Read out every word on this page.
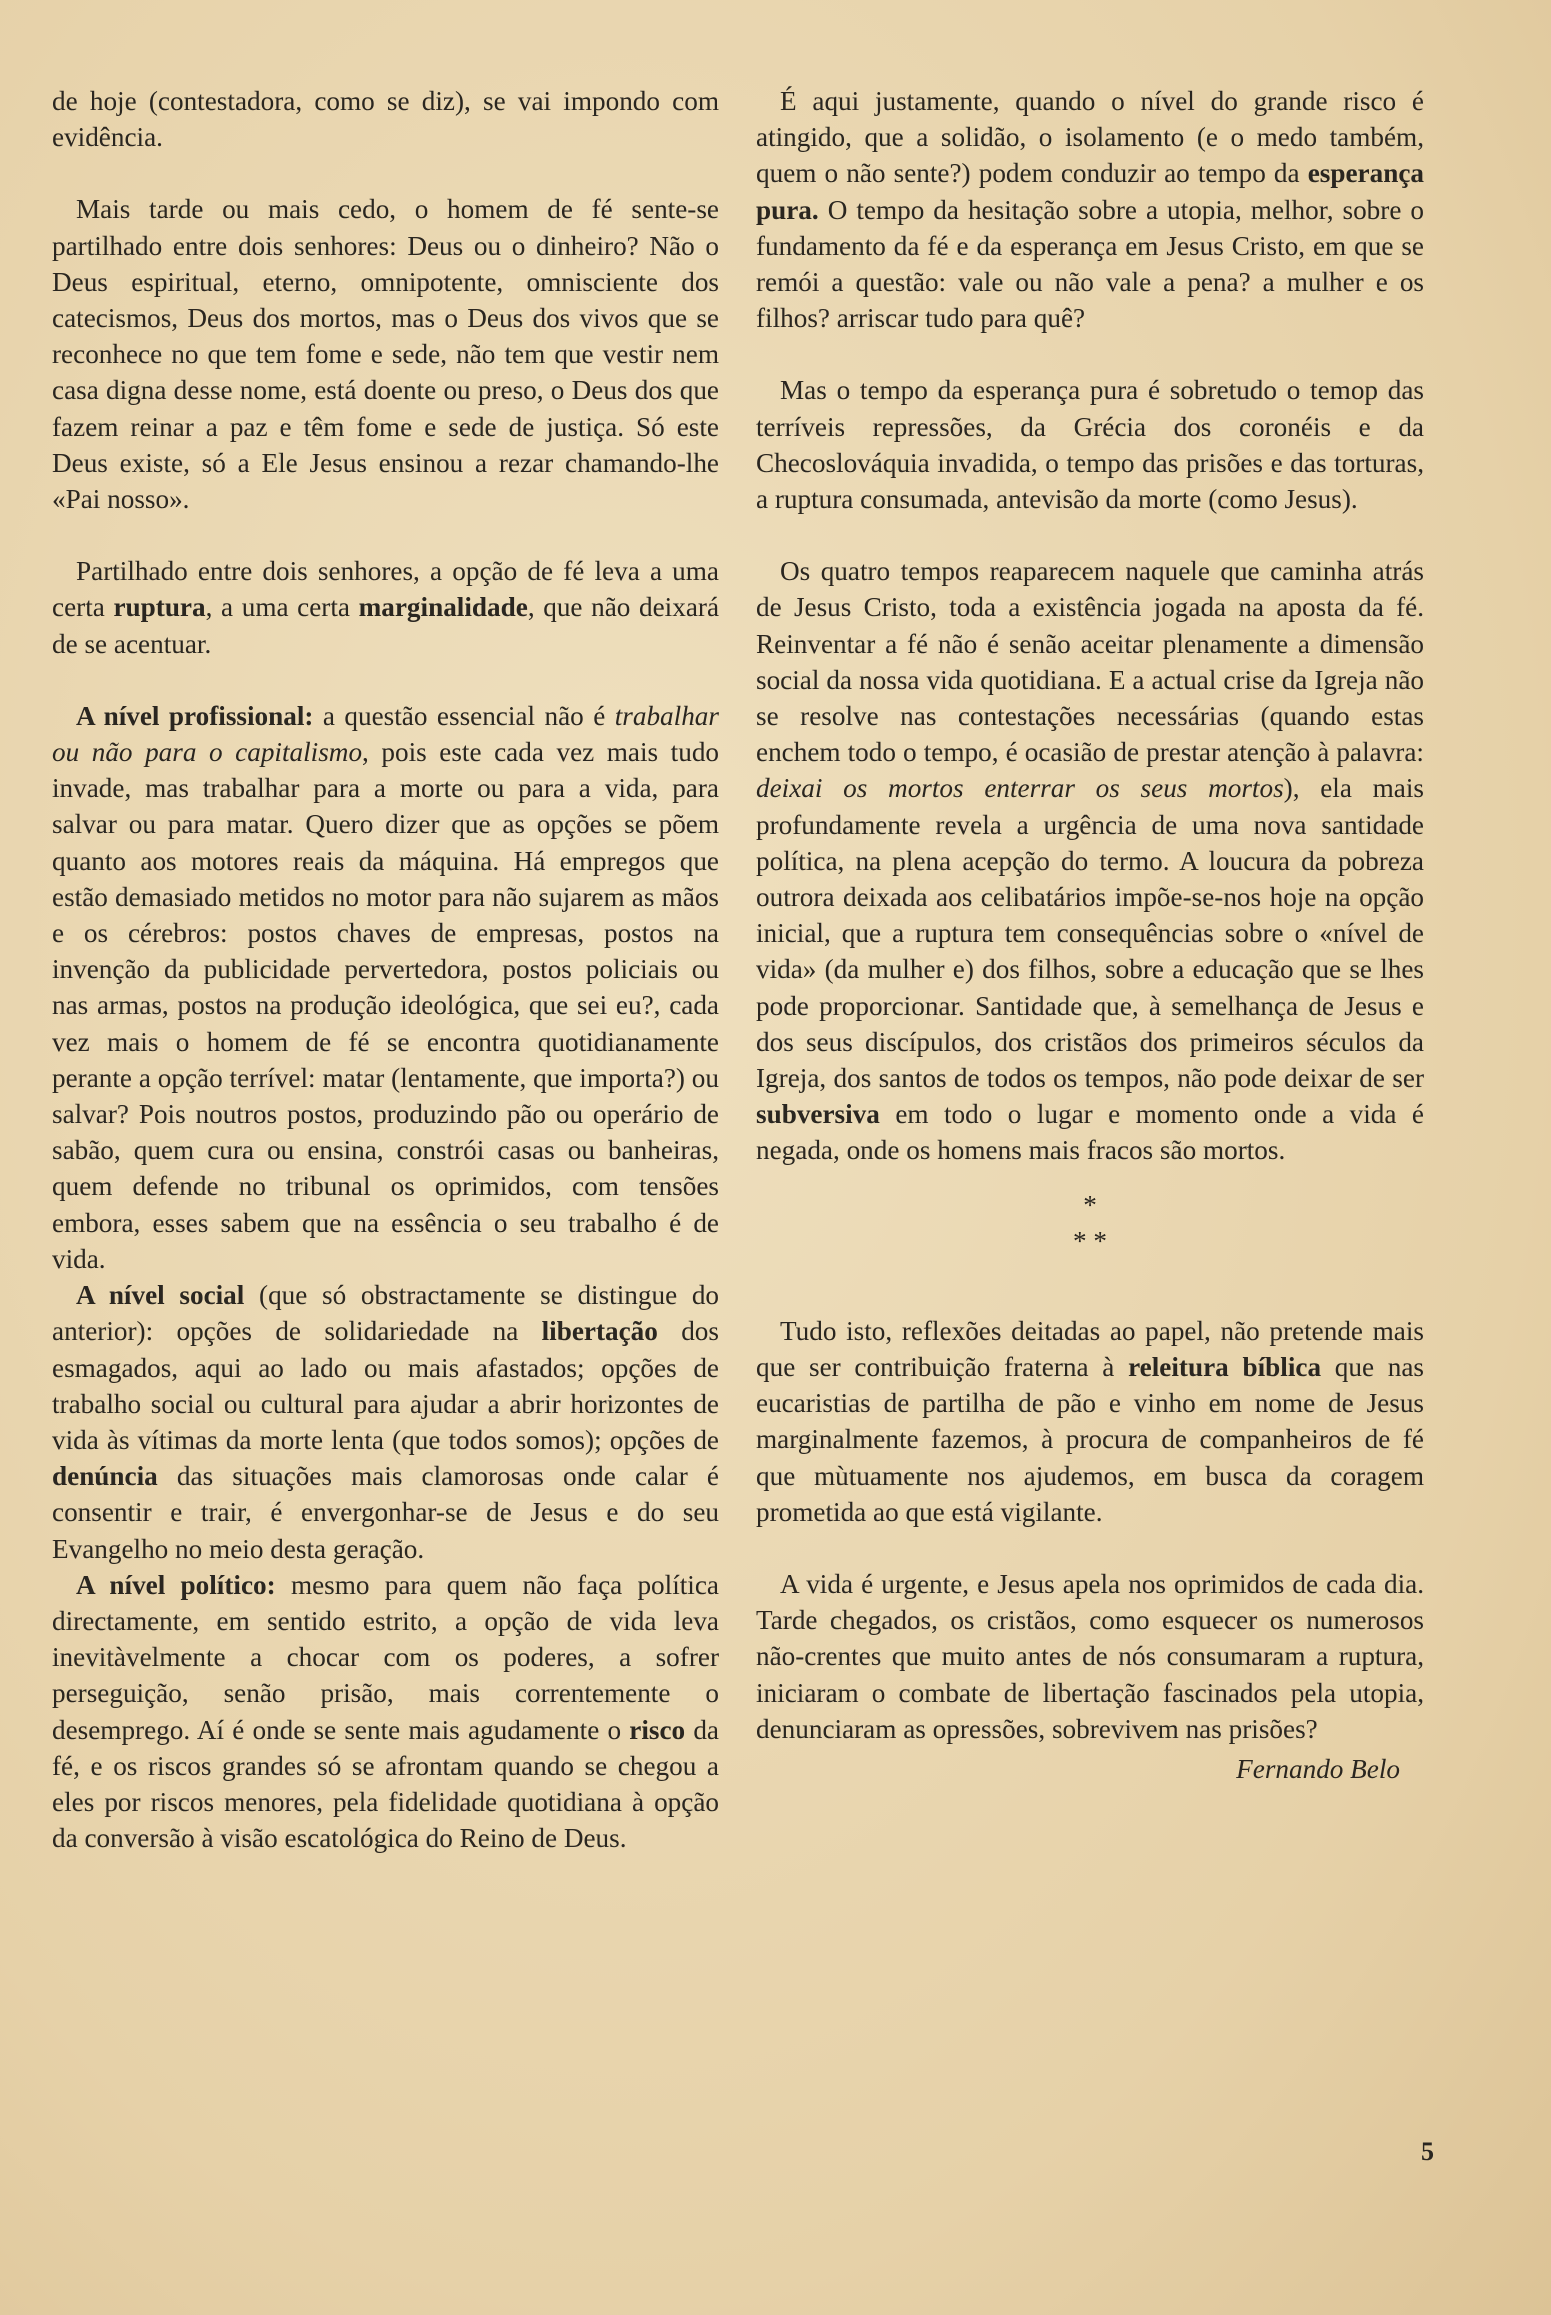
de hoje (contestadora, como se diz), se vai impondo com evidência.

Mais tarde ou mais cedo, o homem de fé sente-se partilhado entre dois senhores: Deus ou o dinheiro? Não o Deus espiritual, eterno, omnipotente, omnisciente dos catecismos, Deus dos mortos, mas o Deus dos vivos que se reconhece no que tem fome e sede, não tem que vestir nem casa digna desse nome, está doente ou preso, o Deus dos que fazem reinar a paz e têm fome e sede de justiça. Só este Deus existe, só a Ele Jesus ensinou a rezar chamando-lhe «Pai nosso».

Partilhado entre dois senhores, a opção de fé leva a uma certa ruptura, a uma certa marginalidade, que não deixará de se acentuar.

A nível profissional: a questão essencial não é trabalhar ou não para o capitalismo, pois este cada vez mais tudo invade, mas trabalhar para a morte ou para a vida, para salvar ou para matar. Quero dizer que as opções se põem quanto aos motores reais da máquina. Há empregos que estão demasiado metidos no motor para não sujarem as mãos e os cérebros: postos chaves de empresas, postos na invenção da publicidade pervertedora, postos policiais ou nas armas, postos na produção ideológica, que sei eu?, cada vez mais o homem de fé se encontra quotidianamente perante a opção terrível: matar (lentamente, que importa?) ou salvar? Pois noutros postos, produzindo pão ou operário de sabão, quem cura ou ensina, constrói casas ou banheiras, quem defende no tribunal os oprimidos, com tensões embora, esses sabem que na essência o seu trabalho é de vida.

A nível social (que só obstractamente se distingue do anterior): opções de solidariedade na libertação dos esmagados, aqui ao lado ou mais afastados; opções de trabalho social ou cultural para ajudar a abrir horizontes de vida às vítimas da morte lenta (que todos somos); opções de denúncia das situações mais clamorosas onde calar é consentir e trair, é envergonhar-se de Jesus e do seu Evangelho no meio desta geração.

A nível político: mesmo para quem não faça política directamente, em sentido estrito, a opção de vida leva inevitàvelmente a chocar com os poderes, a sofrer perseguição, senão prisão, mais correntemente o desemprego. Aí é onde se sente mais agudamente o risco da fé, e os riscos grandes só se afrontam quando se chegou a eles por riscos menores, pela fidelidade quotidiana à opção da conversão à visão escatológica do Reino de Deus.

É aqui justamente, quando o nível do grande risco é atingido, que a solidão, o isolamento (e o medo também, quem o não sente?) podem conduzir ao tempo da esperança pura. O tempo da hesitação sobre a utopia, melhor, sobre o fundamento da fé e da esperança em Jesus Cristo, em que se remói a questão: vale ou não vale a pena? a mulher e os filhos? arriscar tudo para quê?

Mas o tempo da esperança pura é sobretudo o temop das terríveis repressões, da Grécia dos coronéis e da Checoslováquia invadida, o tempo das prisões e das torturas, a ruptura consumada, antevisão da morte (como Jesus).

Os quatro tempos reaparecem naquele que caminha atrás de Jesus Cristo, toda a existência jogada na aposta da fé. Reinventar a fé não é senão aceitar plenamente a dimensão social da nossa vida quotidiana. E a actual crise da Igreja não se resolve nas contestações necessárias (quando estas enchem todo o tempo, é ocasião de prestar atenção à palavra: deixai os mortos enterrar os seus mortos), ela mais profundamente revela a urgência de uma nova santidade política, na plena acepção do termo. A loucura da pobreza outrora deixada aos celibatários impõe-se-nos hoje na opção inicial, que a ruptura tem consequências sobre o «nível de vida» (da mulher e) dos filhos, sobre a educação que se lhes pode proporcionar. Santidade que, à semelhança de Jesus e dos seus discípulos, dos cristãos dos primeiros séculos da Igreja, dos santos de todos os tempos, não pode deixar de ser subversiva em todo o lugar e momento onde a vida é negada, onde os homens mais fracos são mortos.

*
* *

Tudo isto, reflexões deitadas ao papel, não pretende mais que ser contribuição fraterna à releitura bíblica que nas eucaristias de partilha de pão e vinho em nome de Jesus marginalmente fazemos, à procura de companheiros de fé que mùtuamente nos ajudemos, em busca da coragem prometida ao que está vigilante.

A vida é urgente, e Jesus apela nos oprimidos de cada dia. Tarde chegados, os cristãos, como esquecer os numerosos não-crentes que muito antes de nós consumaram a ruptura, iniciaram o combate de libertação fascinados pela utopia, denunciaram as opressões, sobrevivem nas prisões?

Fernando Belo

5
